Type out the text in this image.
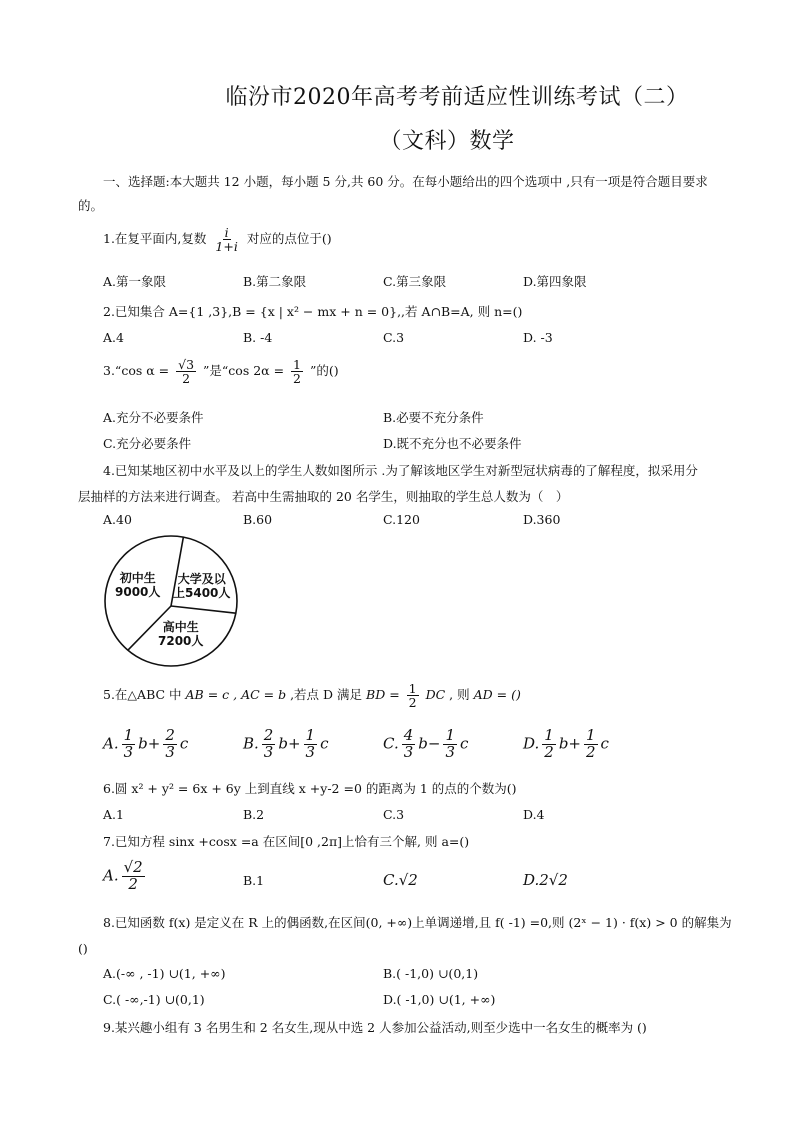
临汾市2020年高考考前适应性训练考试（二）
（文科）数学
一、选择题:本大题共 12 小题，每小题 5 分,共 60 分。在每小题给出的四个选项中 ,只有一项是符合题目要求
的。
1.在复平面内,复数 $\frac{i}{1+i}$ 对应的点位于()
A.第一象限	B.第二象限	C.第三象限	D.第四象限
2.已知集合 A={1 ,3},B = {x | x² − mx + n = 0},,若 A∩B=A, 则 n=()
A.4	B. -4	C.3	D. -3
3.“cos $\alpha = \frac{√3}{2}$ ”是“cos $2\alpha = \frac{1}{2}$ ”的()
A.充分不必要条件	B.必要不充分条件
C.充分必要条件	D.既不充分也不必要条件
4.已知某地区初中水平及以上的学生人数如图所示 .为了解该地区学生对新型冠状病毒的了解程度，拟采用分
层抽样的方法来进行调查。 若高中生需抽取的 20 名学生，则抽取的学生总人数为（　）
A.40	B.60	C.120	D.360
初中生
9000人
大学及以
上5400人
高中生
7200人
5.在△ABC 中 AB = c , AC = b ,若点 D 满足 BD = $\frac{1}{2}$ DC , 则 AD = ()
A. $\frac{1}{3} b+ \frac{2}{3}$ c	B. $\frac{2}{3} b+ \frac{1}{3}$ c	C. $\frac{4}{3} b- \frac{1}{3}$ c	D. $\frac{1}{2} b+ \frac{1}{2}$ c
6.圆 x² + y² = 6x + 6y 上到直线 x +y-2 =0 的距离为 1 的点的个数为()
A.1	B.2	C.3	D.4
7.已知方程 sinx +cosx =a 在区间[0 ,2π]上恰有三个解, 则 a=()
A. $\frac{√2}{2}$	B.1	C.√2	D.2√2
8.已知函数 f(x) 是定义在 R 上的偶函数,在区间(0, +∞)上单调递增,且 f( -1) =0,则 (2ˣ − 1) · f(x) > 0 的解集为
()
A.(-∞ , -1) ∪(1, +∞)	B.( -1,0) ∪(0,1)
C.( -∞,-1) ∪(0,1)	D.( -1,0) ∪(1, +∞)
9.某兴趣小组有 3 名男生和 2 名女生,现从中选 2 人参加公益活动,则至少选中一名女生的概率为 ()
